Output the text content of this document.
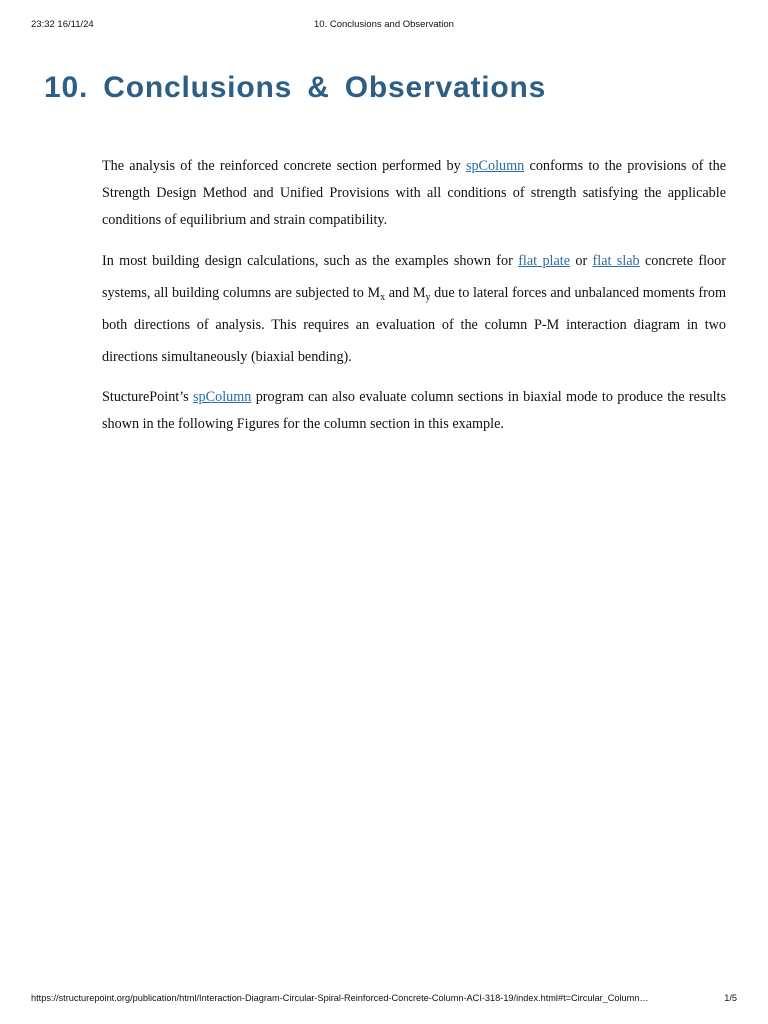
23:32 16/11/24	10. Conclusions and Observation
10. Conclusions & Observations

The analysis of the reinforced concrete section performed by spColumn conforms to the provisions of the Strength Design Method and Unified Provisions with all conditions of strength satisfying the applicable conditions of equilibrium and strain compatibility.

In most building design calculations, such as the examples shown for flat plate or flat slab concrete floor systems, all building columns are subjected to $M_x$ and $M_y$ due to lateral forces and unbalanced moments from both directions of analysis. This requires an evaluation of the column P-M interaction diagram in two directions simultaneously (biaxial bending).

StucturePoint’s spColumn program can also evaluate column sections in biaxial mode to produce the results shown in the following Figures for the column section in this example.

https://structurepoint.org/publication/html/Interaction-Diagram-Circular-Spiral-Reinforced-Concrete-Column-ACI-318-19/index.html#t=Circular_Column…	1/5
